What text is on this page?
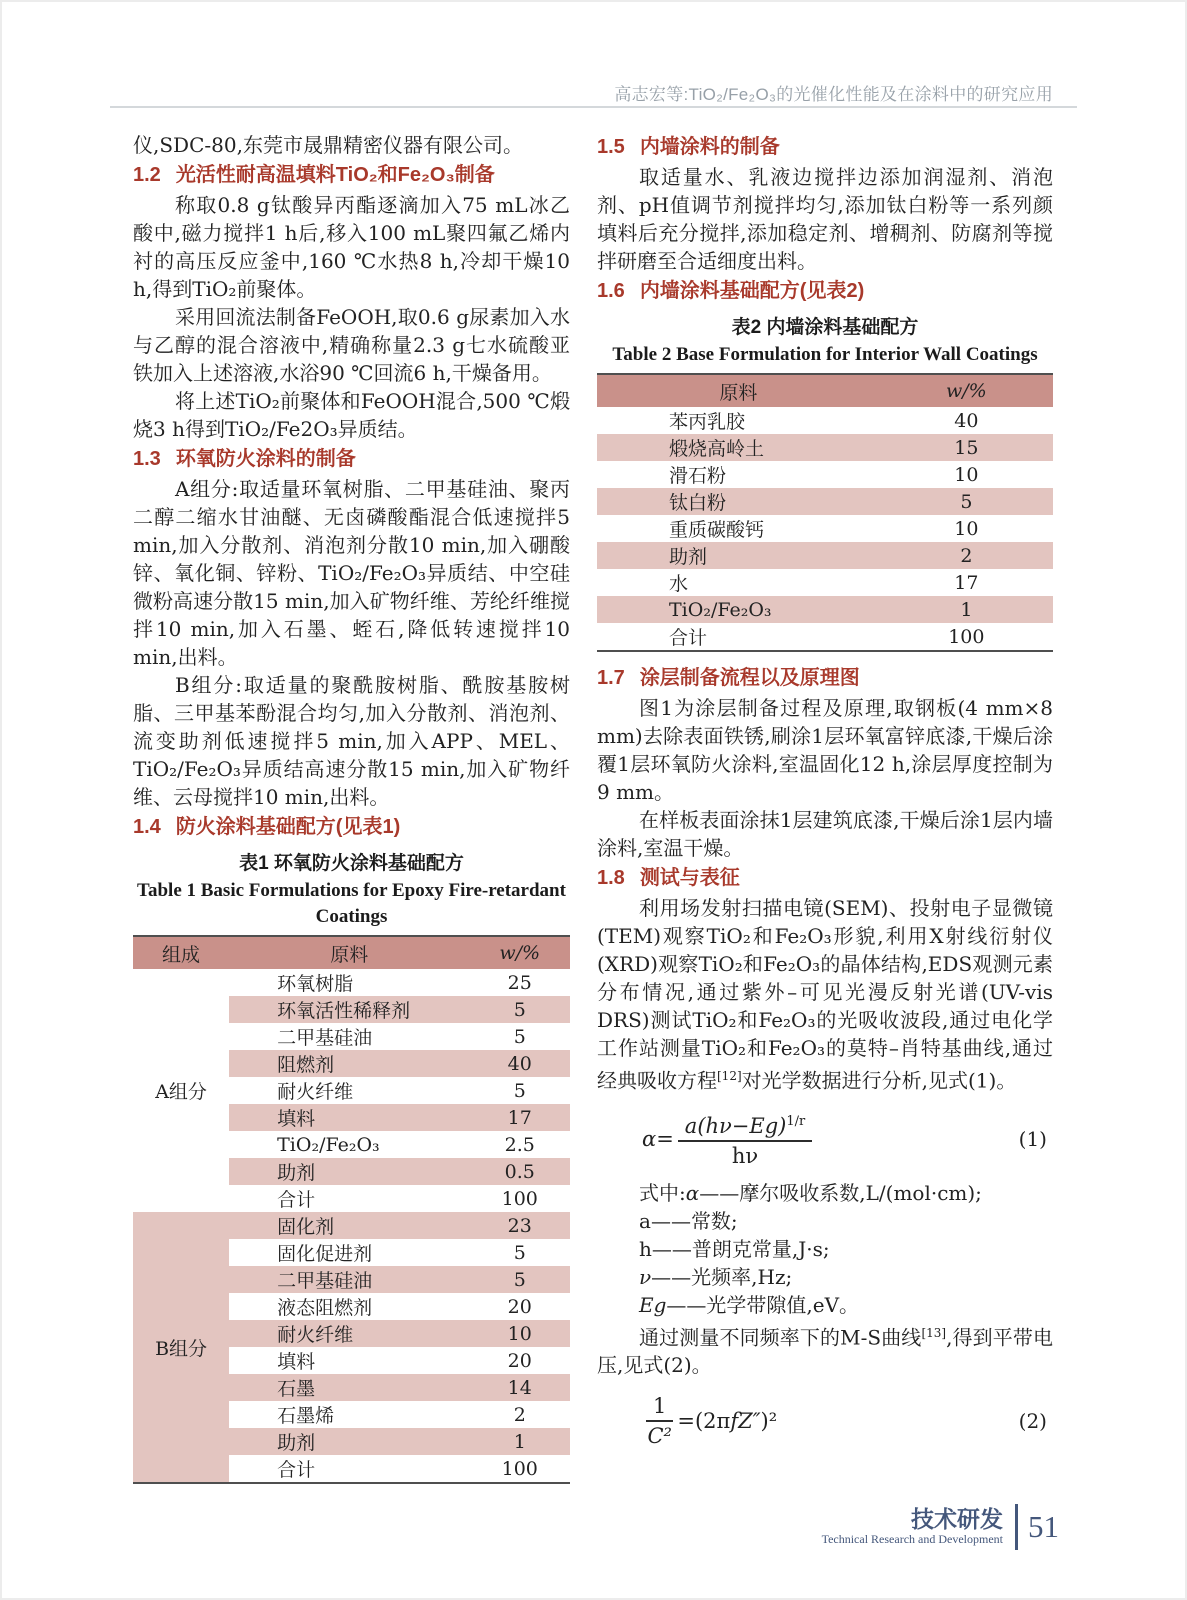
高志宏等:TiO₂/Fe₂O₃的光催化性能及在涂料中的研究应用

仪,SDC-80,东莞市晟鼎精密仪器有限公司。

1.2 光活性耐高温填料TiO₂和Fe₂O₃制备

称取0.8 g钛酸异丙酯逐滴加入75 mL冰乙酸中,磁力搅拌1 h后,移入100 mL聚四氟乙烯内衬的高压反应釜中,160 ℃水热8 h,冷却干燥10 h,得到TiO₂前聚体。

采用回流法制备FeOOH,取0.6 g尿素加入水与乙醇的混合溶液中,精确称量2.3 g七水硫酸亚铁加入上述溶液,水浴90 ℃回流6 h,干燥备用。

将上述TiO₂前聚体和FeOOH混合,500 ℃煅烧3 h得到TiO₂/Fe2O₃异质结。

1.3 环氧防火涂料的制备

A组分:取适量环氧树脂、二甲基硅油、聚丙二醇二缩水甘油醚、无卤磷酸酯混合低速搅拌5 min,加入分散剂、消泡剂分散10 min,加入硼酸锌、氧化铜、锌粉、TiO₂/Fe₂O₃异质结、中空硅微粉高速分散15 min,加入矿物纤维、芳纶纤维搅拌10 min,加入石墨、蛭石,降低转速搅拌10 min,出料。

B组分:取适量的聚酰胺树脂、酰胺基胺树脂、三甲基苯酚混合均匀,加入分散剂、消泡剂、流变助剂低速搅拌5 min,加入APP、MEL、TiO₂/Fe₂O₃异质结高速分散15 min,加入矿物纤维、云母搅拌10 min,出料。

1.4 防火涂料基础配方(见表1)
表1 环氧防火涂料基础配方
Table 1 Basic Formulations for Epoxy Fire-retardant
Coatings
组成	原料	w/%
A组分	环氧树脂	25
	环氧活性稀释剂	5
	二甲基硅油	5
	阻燃剂	40
	耐火纤维	5
	填料	17
	TiO₂/Fe₂O₃	2.5
	助剂	0.5
	合计	100
B组分	固化剂	23
	固化促进剂	5
	二甲基硅油	5
	液态阻燃剂	20
	耐火纤维	10
	填料	20
	石墨	14
	石墨烯	2
	助剂	1
	合计	100
1.5 内墙涂料的制备

取适量水、乳液边搅拌边添加润湿剂、消泡剂、pH值调节剂搅拌均匀,添加钛白粉等一系列颜填料后充分搅拌,添加稳定剂、增稠剂、防腐剂等搅拌研磨至合适细度出料。

1.6 内墙涂料基础配方(见表2)
表2 内墙涂料基础配方
Table 2 Base Formulation for Interior Wall Coatings
原料	w/%
苯丙乳胶	40
煅烧高岭土	15
滑石粉	10
钛白粉	5
重质碳酸钙	10
助剂	2
水	17
TiO₂/Fe₂O₃	1
合计	100
1.7 涂层制备流程以及原理图

图1为涂层制备过程及原理,取钢板(4 mm×8 mm)去除表面铁锈,刷涂1层环氧富锌底漆,干燥后涂覆1层环氧防火涂料,室温固化12 h,涂层厚度控制为9 mm。

在样板表面涂抹1层建筑底漆,干燥后涂1层内墙涂料,室温干燥。

1.8 测试与表征

利用场发射扫描电镜(SEM)、投射电子显微镜(TEM)观察TiO₂和Fe₂O₃形貌,利用X射线衍射仪(XRD)观察TiO₂和Fe₂O₃的晶体结构,EDS观测元素分布情况,通过紫外–可见光漫反射光谱(UV-vis DRS)测试TiO₂和Fe₂O₃的光吸收波段,通过电化学工作站测量TiO₂和Fe₂O₃的莫特–肖特基曲线,通过经典吸收方程[12]对光学数据进行分析,见式(1)。

$\alpha = \frac{a(h\nu-Eg)^{1/r}}{h\nu}$	(1)

式中:α——摩尔吸收系数,L/(mol·cm);

a——常数;

h——普朗克常量,J·s;

ν——光频率,Hz;

Eg——光学带隙值,eV。

通过测量不同频率下的M-S曲线[13],得到平带电压,见式(2)。

$\frac{1}{\text{C²}} =(2\pi$ fZ″ )²	(2)
技术研发
Technical Research and Development 51
